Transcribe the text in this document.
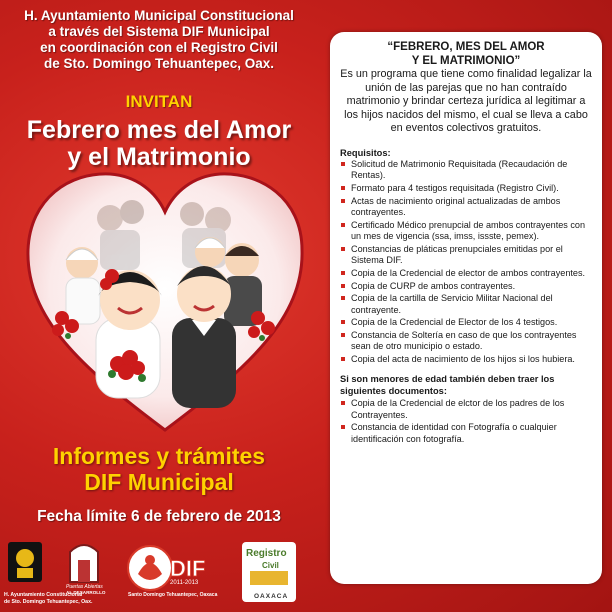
H. Ayuntamiento Municipal Constitucional
a través del Sistema DIF Municipal
en coordinación con el Registro Civil
de Sto. Domingo Tehuantepec, Oax.
INVITAN
Febrero mes del Amor
y el Matrimonio
Informes y trámites
DIF Municipal
Fecha límite 6 de febrero de 2013
H. Ayuntamiento Constitucional
de Sto. Domingo Tehuantepec, Oax.
Puertas Abiertas
AL DESARROLLO
DIF
2011-2013
Santo Domingo Tehuantepec, Oaxaca
Registro
Civil
OAXACA

“FEBRERO, MES DEL AMOR

Y EL MATRIMONIO”

Es un programa que tiene como finalidad legalizar la unión de las parejas que no han contraído matrimonio y brindar certeza jurídica al legitimar a los hijos nacidos del mismo, el cual se lleva a cabo en eventos colectivos gratuitos.

Requisitos:

Solicitud de Matrimonio Requisitada (Recaudación de Rentas).
Formato para 4 testigos requisitada (Registro Civil).
Actas de nacimiento original actualizadas de ambos contrayentes.
Certificado Médico prenupcial de ambos contrayentes con un mes de vigencia (ssa, imss, issste, pemex).
Constancias de pláticas prenupciales emitidas por el Sistema DIF.
Copia de la Credencial de elector de ambos contrayentes.
Copia de CURP de ambos contrayentes.
Copia de la cartilla de Servicio Militar Nacional del contrayente.
Copia de la Credencial de Elector de los 4 testigos.
Constancia de Soltería en caso de que los contrayentes sean de otro municipio o estado.
Copia del acta de nacimiento de los hijos si los hubiera.

Si son menores de edad también deben traer los siguientes documentos:

Copia de la Credencial de elctor de los padres de los Contrayentes.
Constancia de identidad con Fotografía o cualquier identificación con fotografía.
